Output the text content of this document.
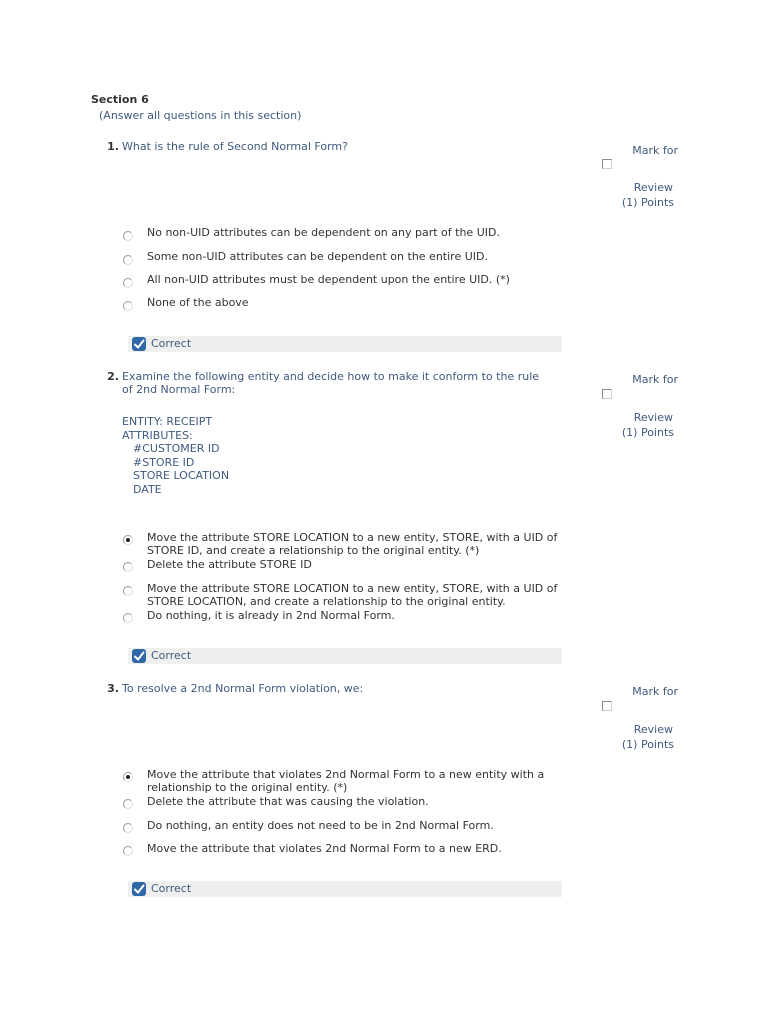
Section 6
(Answer all questions in this section)
1. What is the rule of Second Normal Form?	Mark for
Review
(1) Points
No non-UID attributes can be dependent on any part of the UID.
Some non-UID attributes can be dependent on the entire UID.
All non-UID attributes must be dependent upon the entire UID. (*)
None of the above
Correct
2. Examine the following entity and decide how to make it conform to the rule
of 2nd Normal Form:
ENTITY: RECEIPT
ATTRIBUTES:
#CUSTOMER ID
#STORE ID
STORE LOCATION
DATE
Mark for
Review
(1) Points
Move the attribute STORE LOCATION to a new entity, STORE, with a UID of STORE ID, and create a relationship to the original entity. (*)
Delete the attribute STORE ID
Move the attribute STORE LOCATION to a new entity, STORE, with a UID of STORE LOCATION, and create a relationship to the original entity.
Do nothing, it is already in 2nd Normal Form.
Correct
3. To resolve a 2nd Normal Form violation, we:	Mark for
Review
(1) Points
Move the attribute that violates 2nd Normal Form to a new entity with a relationship to the original entity. (*)
Delete the attribute that was causing the violation.
Do nothing, an entity does not need to be in 2nd Normal Form.
Move the attribute that violates 2nd Normal Form to a new ERD.
Correct
